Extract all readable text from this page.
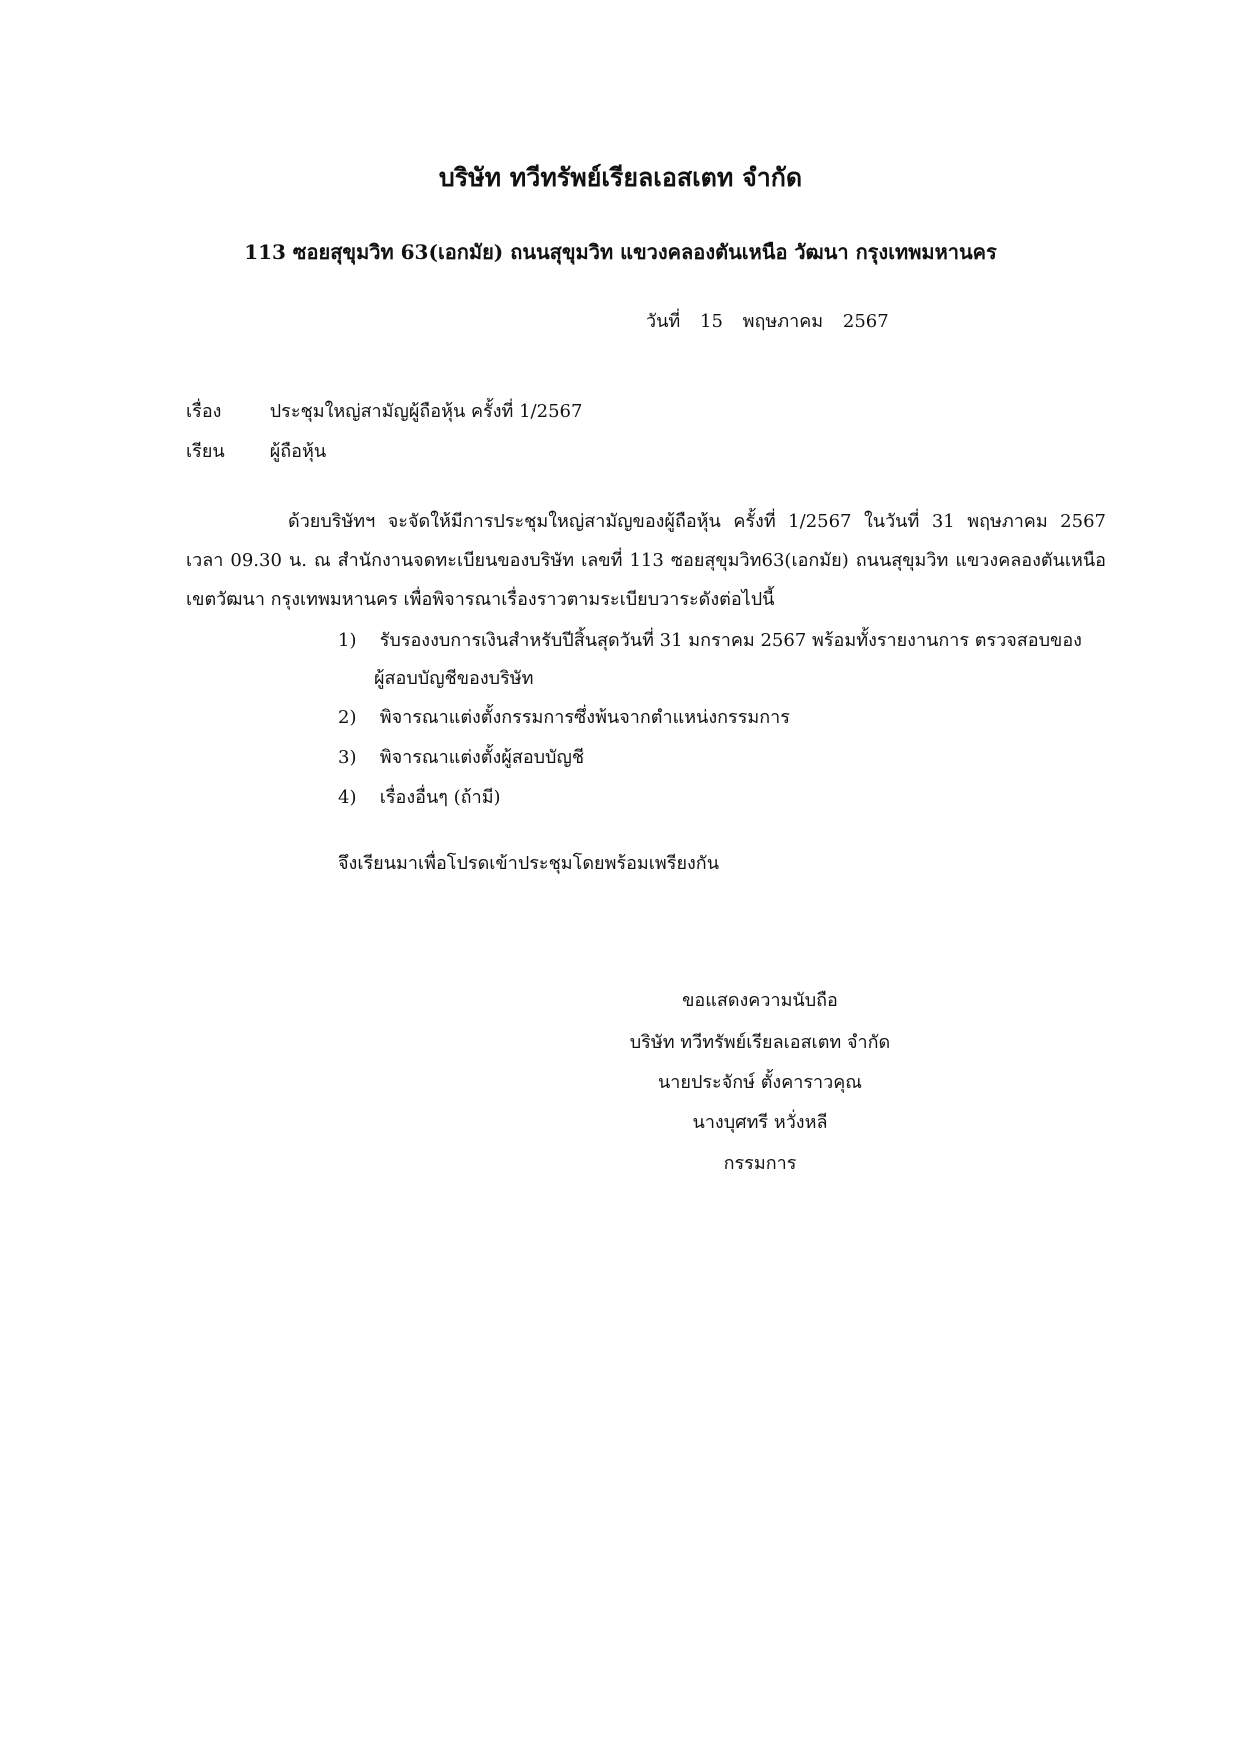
บริษัท ทวีทรัพย์เรียลเอสเตท จำกัด
113 ซอยสุขุมวิท 63(เอกมัย) ถนนสุขุมวิท แขวงคลองตันเหนือ วัฒนา กรุงเทพมหานคร
วันที่ 15 พฤษภาคม 2567
เรื่อง	ประชุมใหญ่สามัญผู้ถือหุ้น ครั้งที่ 1/2567
เรียน	ผู้ถือหุ้น
ด้วยบริษัทฯ จะจัดให้มีการประชุมใหญ่สามัญของผู้ถือหุ้น ครั้งที่ 1/2567 ในวันที่ 31 พฤษภาคม 2567
เวลา 09.30 น. ณ สำนักงานจดทะเบียนของบริษัท เลขที่ 113 ซอยสุขุมวิท63(เอกมัย) ถนนสุขุมวิท แขวงคลองตันเหนือ
เขตวัฒนา กรุงเทพมหานคร เพื่อพิจารณาเรื่องราวตามระเบียบวาระดังต่อไปนี้
1) รับรองงบการเงินสำหรับปีสิ้นสุดวันที่ 31 มกราคม 2567 พร้อมทั้งรายงานการ ตรวจสอบของ
ผู้สอบบัญชีของบริษัท
2) พิจารณาแต่งตั้งกรรมการซึ่งพ้นจากตำแหน่งกรรมการ
3) พิจารณาแต่งตั้งผู้สอบบัญชี
4) เรื่องอื่นๆ (ถ้ามี)
จึงเรียนมาเพื่อโปรดเข้าประชุมโดยพร้อมเพรียงกัน
ขอแสดงความนับถือ
บริษัท ทวีทรัพย์เรียลเอสเตท จำกัด
นายประจักษ์ ตั้งคาราวคุณ
นางบุศทรี หวั่งหลี
กรรมการ
